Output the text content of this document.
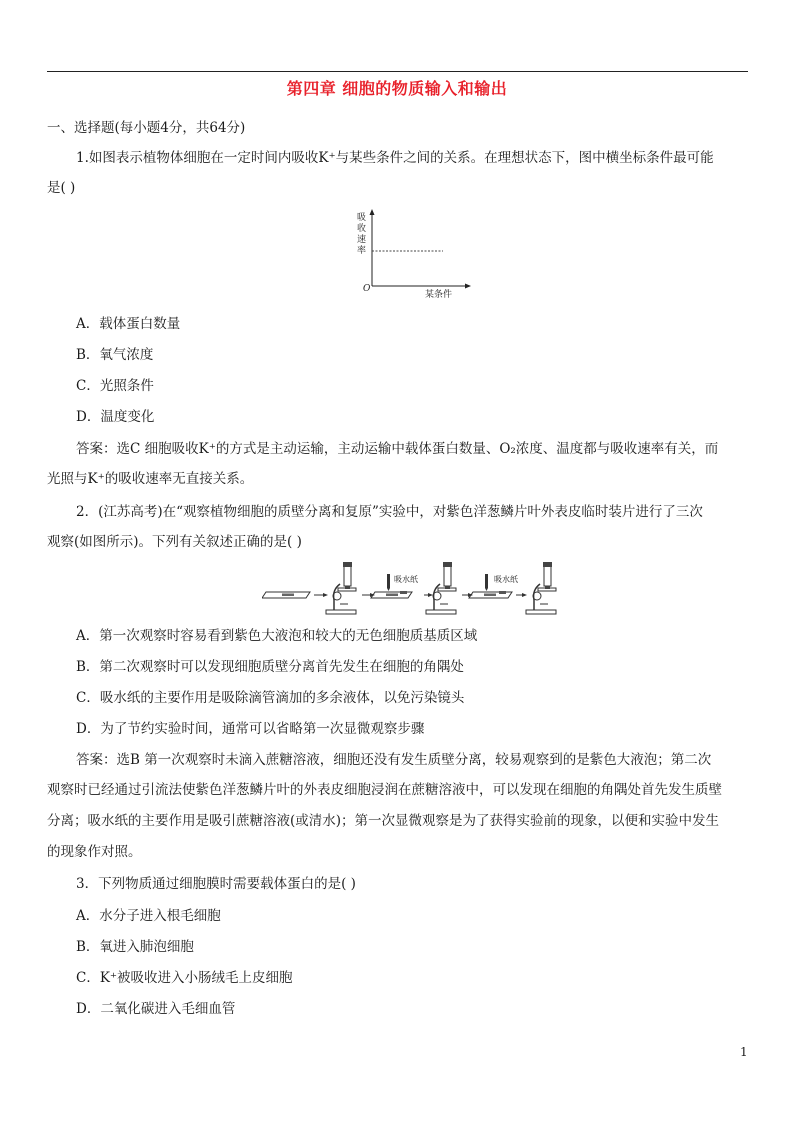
第四章 细胞的物质输入和输出
一、选择题(每小题4分，共64分)
1.如图表示植物体细胞在一定时间内吸收K⁺与某些条件之间的关系。在理想状态下，图中横坐标条件最可能
是( )
吸
收
速
率
O
某条件
A．载体蛋白数量
B．氧气浓度
C．光照条件
D．温度变化
答案：选C 细胞吸收K⁺的方式是主动运输，主动运输中载体蛋白数量、O₂浓度、温度都与吸收速率有关，而
光照与K⁺的吸收速率无直接关系。
2．(江苏高考)在“观察植物细胞的质壁分离和复原”实验中，对紫色洋葱鳞片叶外表皮临时装片进行了三次
观察(如图所示)。下列有关叙述正确的是( )
吸水纸	吸水纸
A．第一次观察时容易看到紫色大液泡和较大的无色细胞质基质区域
B．第二次观察时可以发现细胞质壁分离首先发生在细胞的角隅处
C．吸水纸的主要作用是吸除滴管滴加的多余液体，以免污染镜头
D．为了节约实验时间，通常可以省略第一次显微观察步骤
答案：选B 第一次观察时未滴入蔗糖溶液，细胞还没有发生质壁分离，较易观察到的是紫色大液泡；第二次
观察时已经通过引流法使紫色洋葱鳞片叶的外表皮细胞浸润在蔗糖溶液中，可以发现在细胞的角隅处首先发生质壁
分离；吸水纸的主要作用是吸引蔗糖溶液(或清水)；第一次显微观察是为了获得实验前的现象，以便和实验中发生
的现象作对照。
3．下列物质通过细胞膜时需要载体蛋白的是( )
A．水分子进入根毛细胞
B．氧进入肺泡细胞
C．K⁺被吸收进入小肠绒毛上皮细胞
D．二氧化碳进入毛细血管
1
